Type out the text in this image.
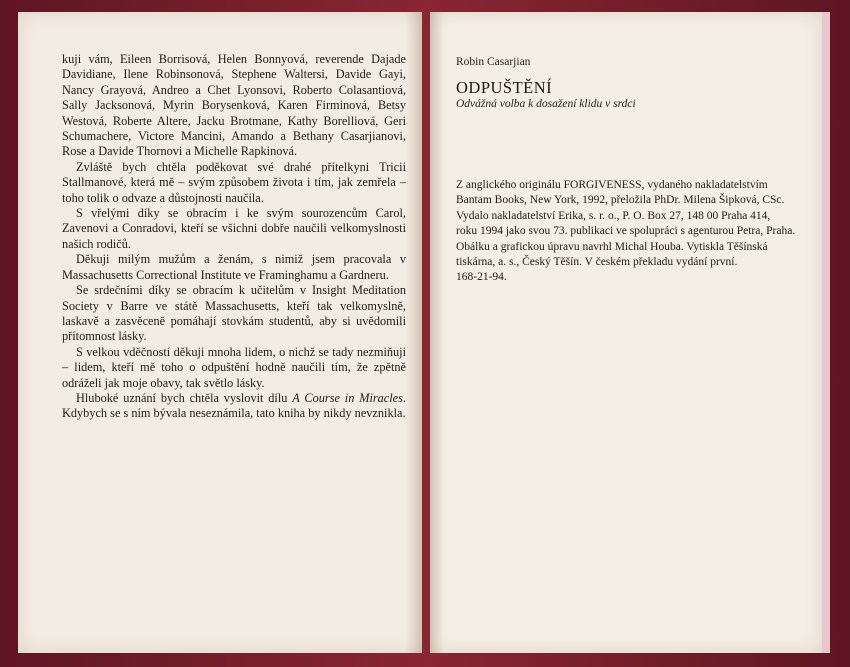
kuji vám, Eileen Borrisová, Helen Bonnyová, reverende Dajade Davidiane, Ilene Robinsonová, Stephene Waltersi, Davide Gayi, Nancy Grayová, Andreo a Chet Lyonsovi, Roberto Colasantiová, Sally Jacksonová, Myrin Borysenková, Karen Firminová, Betsy Westová, Roberte Altere, Jacku Brotmane, Kathy Borelliová, Geri Schumachere, Victore Mancini, Amando a Bethany Casarjianovi, Rose a Davide Thornovi a Michelle Rapkinová.

Zvláště bych chtěla poděkovat své drahé přítelkyni Tricii Stallmanové, která mě – svým způsobem života i tím, jak zemřela – toho tolik o odvaze a důstojnosti naučila.

S vřelými díky se obracím i ke svým sourozencům Carol, Zavenovi a Conradovi, kteří se všichni dobře naučili velkomyslnosti našich rodičů.

Děkuji milým mužům a ženám, s nimiž jsem pracovala v Massachusetts Correctional Institute ve Framinghamu a Gardneru.

Se srdečními díky se obracím k učitelům v Insight Meditation Society v Barre ve státě Massachusetts, kteří tak velkomyslně, laskavě a zasvěceně pomáhají stovkám studentů, aby si uvědomili přítomnost lásky.

S velkou vděčností děkuji mnoha lidem, o nichž se tady nezmiňuji – lidem, kteří mě toho o odpuštění hodně naučili tím, že zpětně odráželi jak moje obavy, tak světlo lásky.

Hluboké uznání bych chtěla vyslovit dílu A Course in Miracles. Kdybych se s ním bývala neseznámila, tato kniha by nikdy nevznikla.

Robin Casarjian
ODPUŠTĚNÍ
Odvážná volba k dosažení klidu v srdci
Z anglického originálu FORGIVENESS, vydaného nakladatelstvím
Bantam Books, New York, 1992, přeložila PhDr. Milena Šipková, CSc.
Vydalo nakladatelství Erika, s. r. o., P. O. Box 27, 148 00 Praha 414,
roku 1994 jako svou 73. publikaci ve spolupráci s agenturou Petra, Praha.
Obálku a grafickou úpravu navrhl Michal Houba. Vytiskla Těšínská
tiskárna, a. s., Český Těšín. V českém překladu vydání první.
168-21-94.
